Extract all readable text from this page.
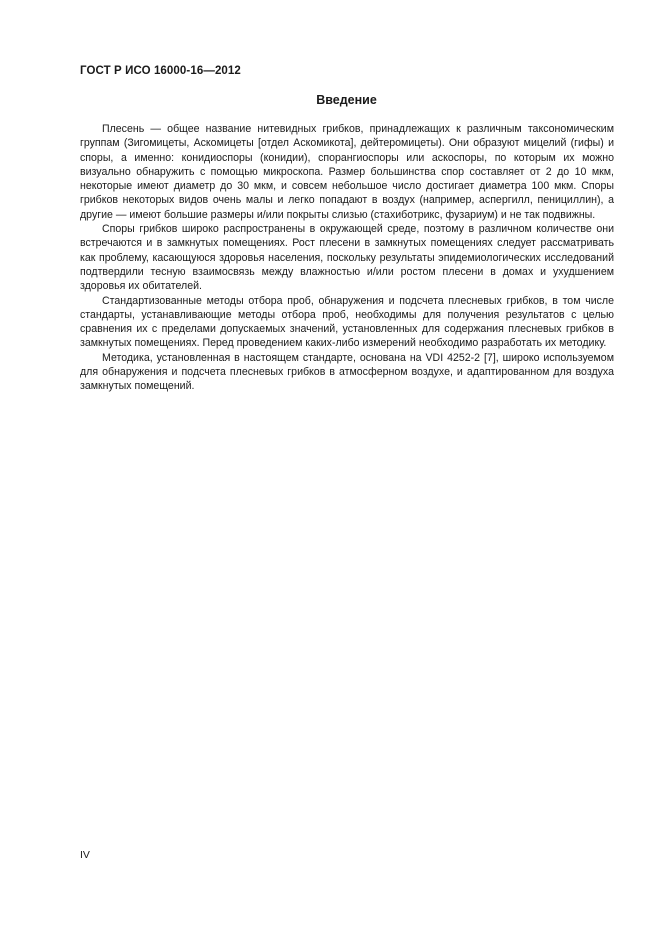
ГОСТ Р ИСО 16000-16—2012
Введение

Плесень — общее название нитевидных грибков, принадлежащих к различным таксономическим группам (Зигомицеты, Аскомицеты [отдел Аскомикота], дейтеромицеты). Они образуют мицелий (гифы) и споры, а именно: конидиоспоры (конидии), спорангиоспоры или аскоспоры, по которым их можно визуально обнаружить с помощью микроскопа. Размер большинства спор составляет от 2 до 10 мкм, некоторые имеют диаметр до 30 мкм, и совсем небольшое число достигает диаметра 100 мкм. Споры грибков некоторых видов очень малы и легко попадают в воздух (например, аспергилл, пенициллин), а другие — имеют большие размеры и/или покрыты слизью (стахиботрикс, фузариум) и не так подвижны.

Споры грибков широко распространены в окружающей среде, поэтому в различном количестве они встречаются и в замкнутых помещениях. Рост плесени в замкнутых помещениях следует рассматривать как проблему, касающуюся здоровья населения, поскольку результаты эпидемиологических исследований подтвердили тесную взаимосвязь между влажностью и/или ростом плесени в домах и ухудшением здоровья их обитателей.

Стандартизованные методы отбора проб, обнаружения и подсчета плесневых грибков, в том числе стандарты, устанавливающие методы отбора проб, необходимы для получения результатов с целью сравнения их с пределами допускаемых значений, установленных для содержания плесневых грибков в замкнутых помещениях. Перед проведением каких-либо измерений необходимо разработать их методику.

Методика, установленная в настоящем стандарте, основана на VDI 4252-2 [7], широко используемом для обнаружения и подсчета плесневых грибков в атмосферном воздухе, и адаптированном для воздуха замкнутых помещений.

IV
